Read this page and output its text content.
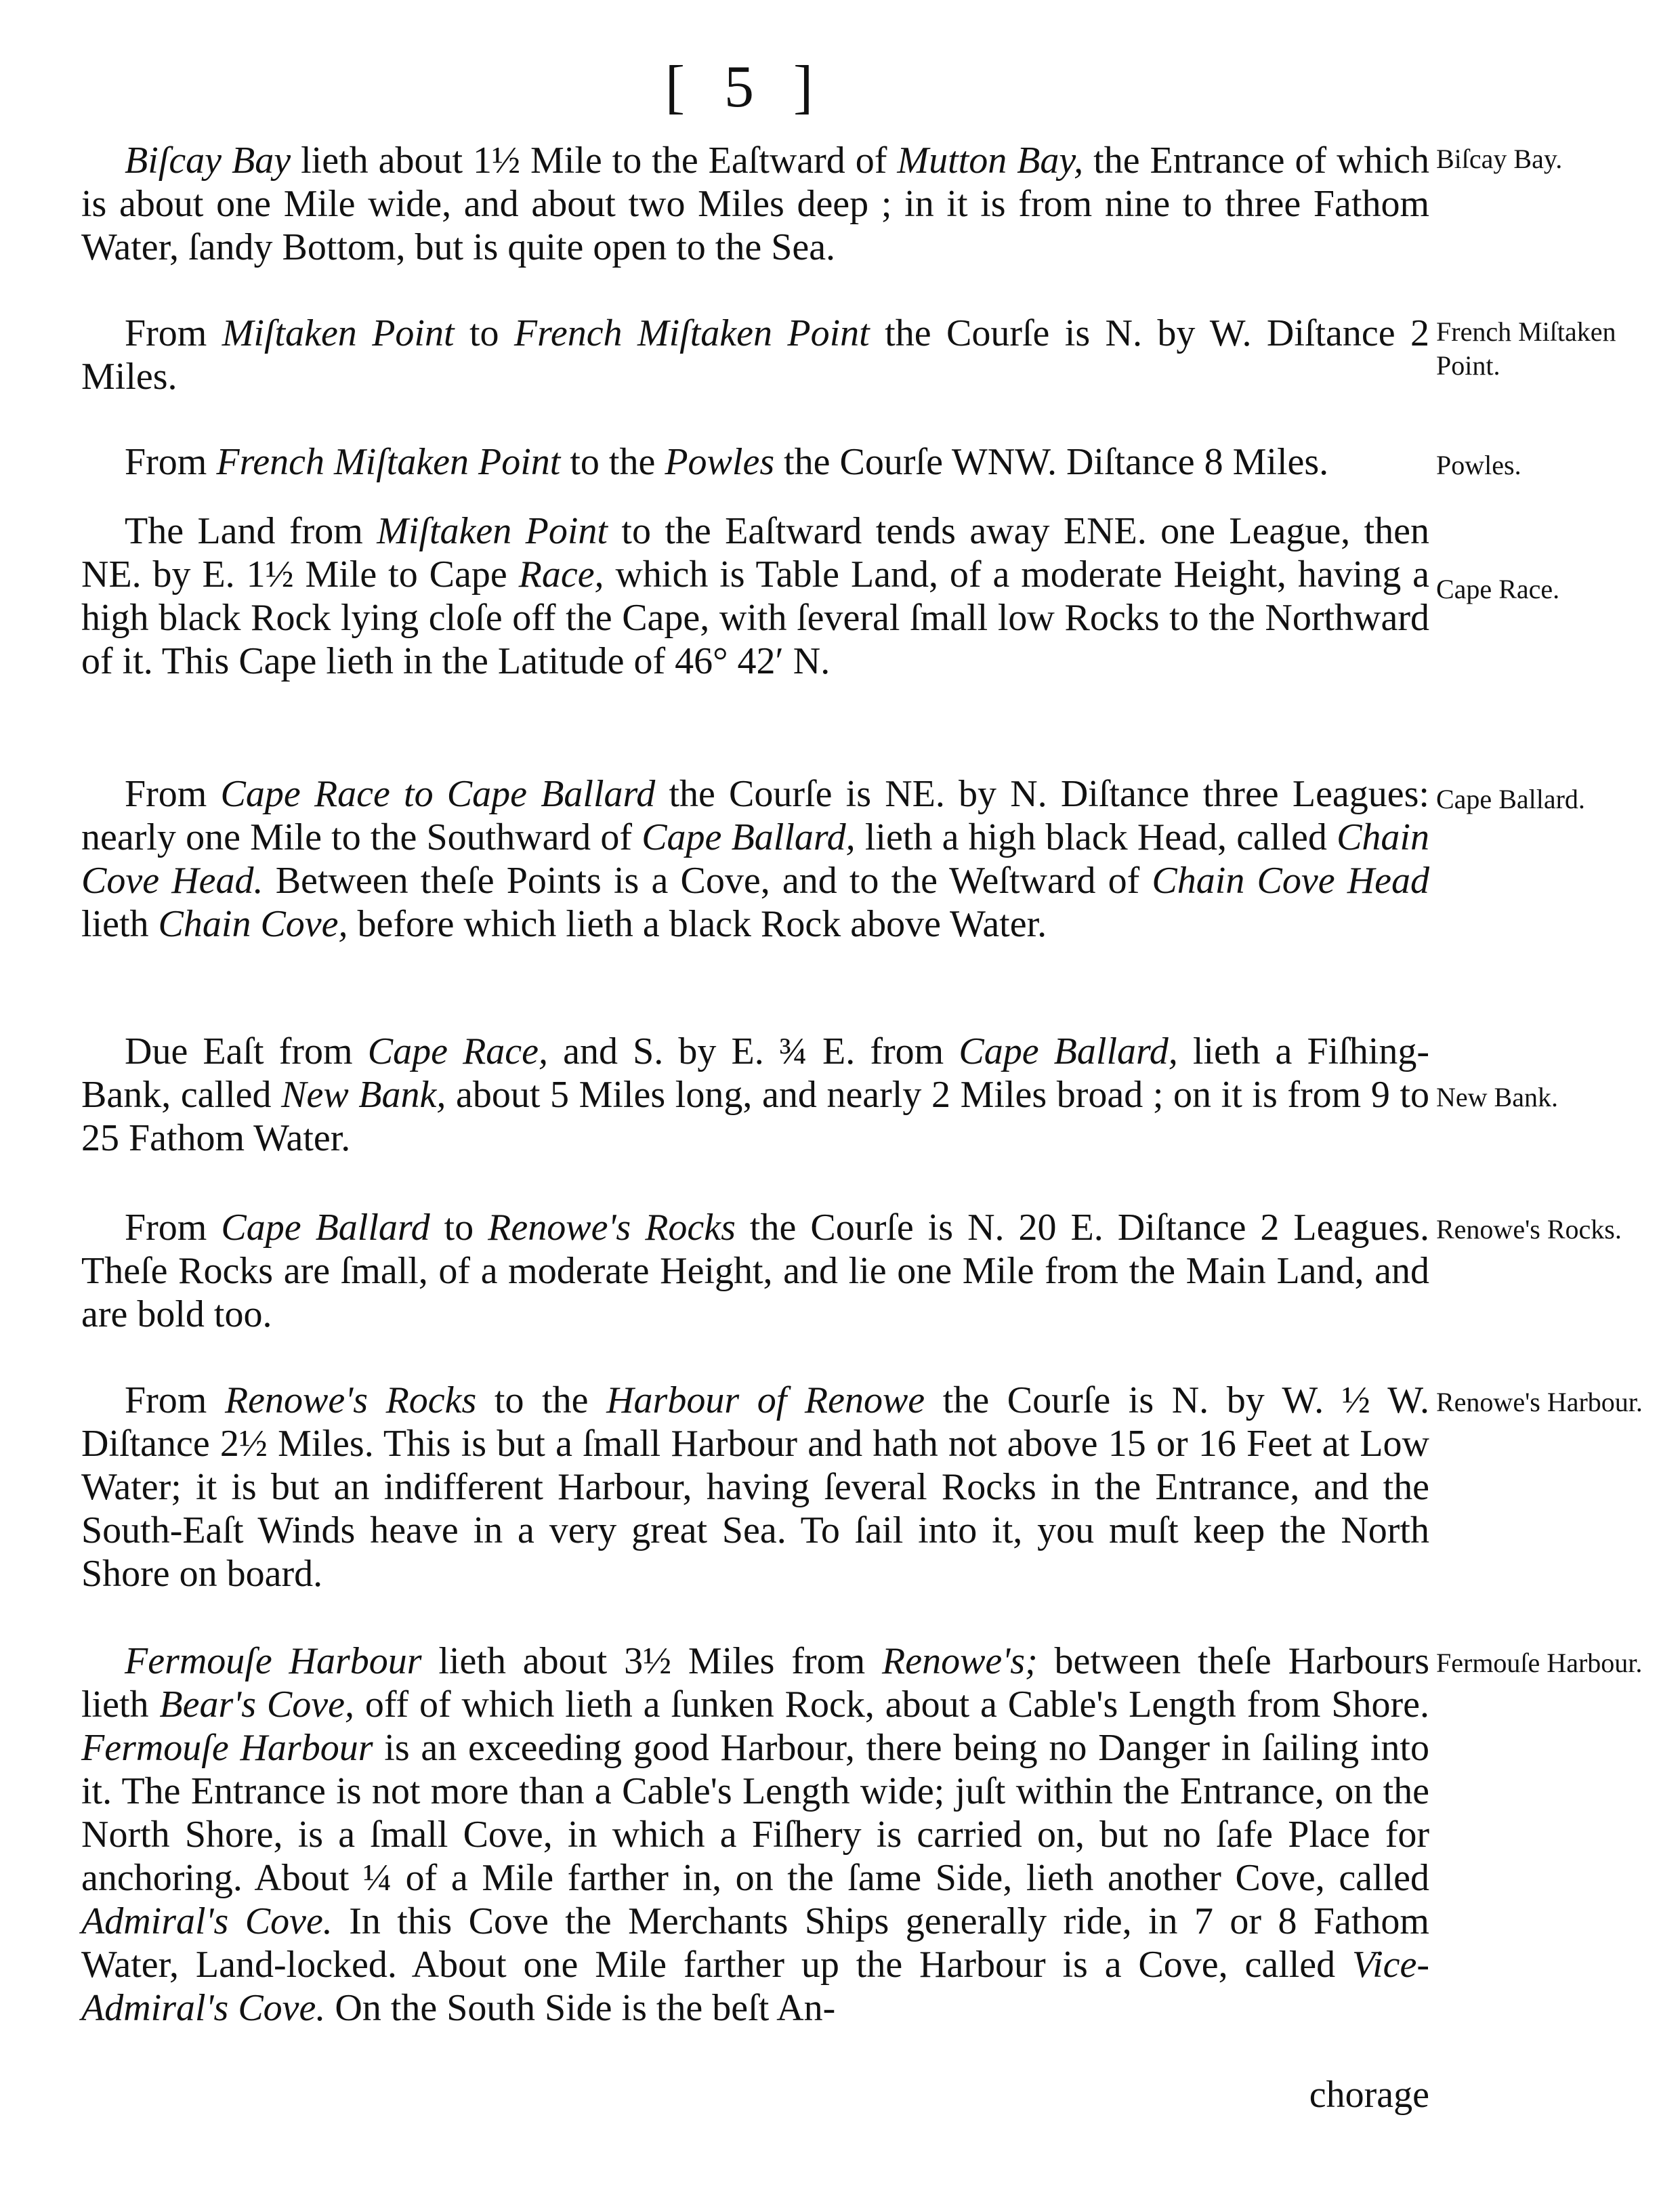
[ 5 ]
Biſcay Bay lieth about 1½ Mile to the Eaſtward of Mutton Bay, the Entrance of which is about one Mile wide, and about two Miles deep ; in it is from nine to three Fathom Water, ſandy Bottom, but is quite open to the Sea.
Biſcay Bay.
From Miſtaken Point to French Miſtaken Point the Courſe is N. by W. Diſtance 2 Miles.
French Miſtaken Point.
From French Miſtaken Point to the Powles the Courſe WNW. Diſtance 8 Miles.	Powles.
The Land from Miſtaken Point to the Eaſtward tends away ENE. one League, then NE. by E. 1½ Mile to Cape Race, which is Table Land, of a moderate Height, having a high black Rock lying cloſe off the Cape, with ſeveral ſmall low Rocks to the Northward of it. This Cape lieth in the Latitude of 46° 42′ N.
Cape Race.
From Cape Race to Cape Ballard the Courſe is NE. by N. Diſtance three Leagues: nearly one Mile to the Southward of Cape Ballard, lieth a high black Head, called Chain Cove Head. Between theſe Points is a Cove, and to the Weſtward of Chain Cove Head lieth Chain Cove, before which lieth a black Rock above Water.
Cape Ballard.
Due Eaſt from Cape Race, and S. by E. ¾ E. from Cape Ballard, lieth a Fiſhing-Bank, called New Bank, about 5 Miles long, and nearly 2 Miles broad ; on it is from 9 to 25 Fathom Water.
New Bank.
From Cape Ballard to Renowe's Rocks the Courſe is N. 20 E. Diſtance 2 Leagues. Theſe Rocks are ſmall, of a moderate Height, and lie one Mile from the Main Land, and are bold too.
Renowe's Rocks.
From Renowe's Rocks to the Harbour of Renowe the Courſe is N. by W. ½ W. Diſtance 2½ Miles. This is but a ſmall Harbour and hath not above 15 or 16 Feet at Low Water; it is but an indifferent Harbour, having ſeveral Rocks in the Entrance, and the South-Eaſt Winds heave in a very great Sea. To ſail into it, you muſt keep the North Shore on board.
Renowe's Harbour.
Fermouſe Harbour lieth about 3½ Miles from Renowe's; between theſe Harbours lieth Bear's Cove, off of which lieth a ſunken Rock, about a Cable's Length from Shore. Fermouſe Harbour is an exceeding good Harbour, there being no Danger in ſailing into it. The Entrance is not more than a Cable's Length wide; juſt within the Entrance, on the North Shore, is a ſmall Cove, in which a Fiſhery is carried on, but no ſafe Place for anchoring. About ¼ of a Mile farther in, on the ſame Side, lieth another Cove, called Admiral's Cove. In this Cove the Merchants Ships generally ride, in 7 or 8 Fathom Water, Land-locked. About one Mile farther up the Harbour is a Cove, called Vice-Admiral's Cove. On the South Side is the beſt An-
Fermouſe Harbour.
chorage
